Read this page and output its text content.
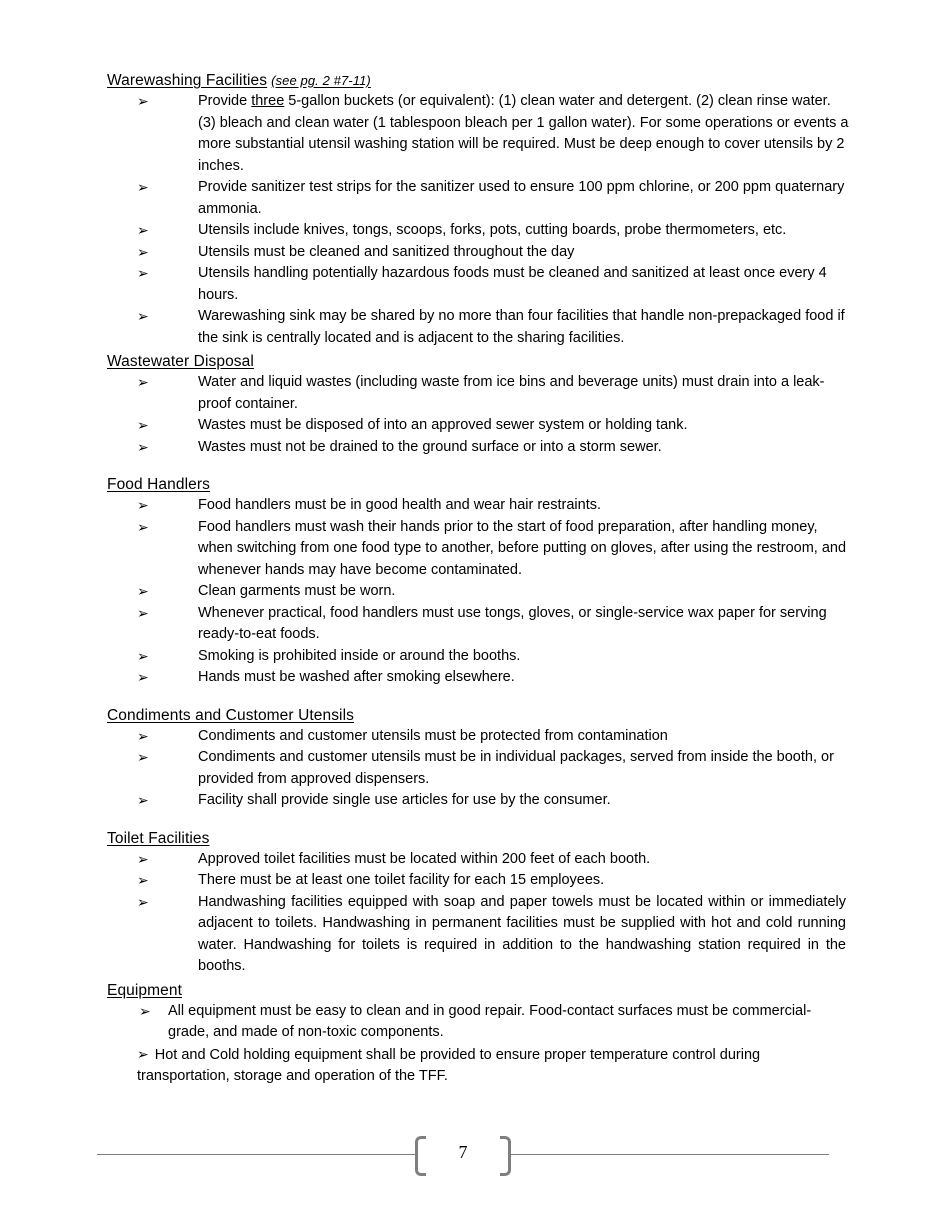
Warewashing Facilities (see pg. 2 #7-11)

➢	Provide three 5-gallon buckets (or equivalent): (1) clean water and detergent. (2) clean rinse water. (3) bleach and clean water (1 tablespoon bleach per 1 gallon water). For some operations or events a more substantial utensil washing station will be required. Must be deep enough to cover utensils by 2 inches.
➢	Provide sanitizer test strips for the sanitizer used to ensure 100 ppm chlorine, or 200 ppm quaternary ammonia.
➢	Utensils include knives, tongs, scoops, forks, pots, cutting boards, probe thermometers, etc.
➢	Utensils must be cleaned and sanitized throughout the day
➢	Utensils handling potentially hazardous foods must be cleaned and sanitized at least once every 4 hours.
➢	Warewashing sink may be shared by no more than four facilities that handle non-prepackaged food if the sink is centrally located and is adjacent to the sharing facilities.

Wastewater Disposal

➢	Water and liquid wastes (including waste from ice bins and beverage units) must drain into a leak-proof container.
➢	Wastes must be disposed of into an approved sewer system or holding tank.
➢	Wastes must not be drained to the ground surface or into a storm sewer.

Food Handlers

➢	Food handlers must be in good health and wear hair restraints.
➢	Food handlers must wash their hands prior to the start of food preparation, after handling money, when switching from one food type to another, before putting on gloves, after using the restroom, and whenever hands may have become contaminated.
➢	Clean garments must be worn.
➢	Whenever practical, food handlers must use tongs, gloves, or single-service wax paper for serving ready-to-eat foods.
➢	Smoking is prohibited inside or around the booths.
➢	Hands must be washed after smoking elsewhere.

Condiments and Customer Utensils

➢	Condiments and customer utensils must be protected from contamination
➢	Condiments and customer utensils must be in individual packages, served from inside the booth, or provided from approved dispensers.
➢	Facility shall provide single use articles for use by the consumer.

Toilet Facilities

➢	Approved toilet facilities must be located within 200 feet of each booth.
➢	There must be at least one toilet facility for each 15 employees.
➢	Handwashing facilities equipped with soap and paper towels must be located within or immediately adjacent to toilets. Handwashing in permanent facilities must be supplied with hot and cold running water. Handwashing for toilets is required in addition to the handwashing station required in the booths.

Equipment

➢ All equipment must be easy to clean and in good repair. Food-contact surfaces must be commercial-grade, and made of non-toxic components.
➢ Hot and Cold holding equipment shall be provided to ensure proper temperature control during transportation, storage and operation of the TFF.
7
